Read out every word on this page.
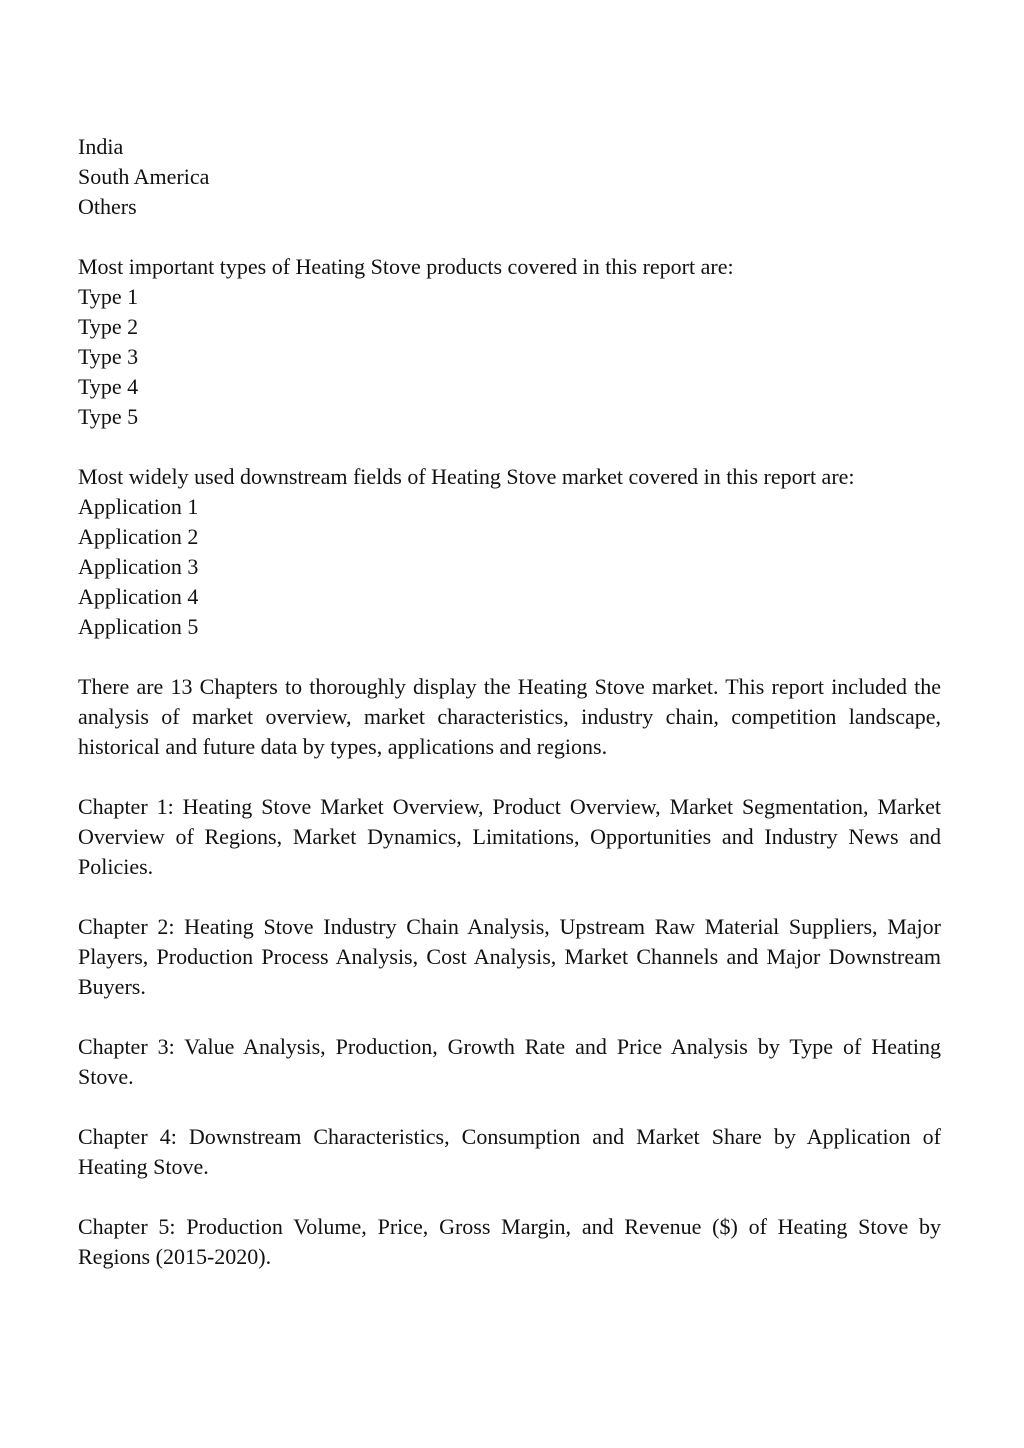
India
South America
Others
Most important types of Heating Stove products covered in this report are:
Type 1
Type 2
Type 3
Type 4
Type 5
Most widely used downstream fields of Heating Stove market covered in this report are:
Application 1
Application 2
Application 3
Application 4
Application 5

There are 13 Chapters to thoroughly display the Heating Stove market. This report included the analysis of market overview, market characteristics, industry chain, competition landscape, historical and future data by types, applications and regions.

Chapter 1: Heating Stove Market Overview, Product Overview, Market Segmentation, Market Overview of Regions, Market Dynamics, Limitations, Opportunities and Industry News and Policies.

Chapter 2: Heating Stove Industry Chain Analysis, Upstream Raw Material Suppliers, Major Players, Production Process Analysis, Cost Analysis, Market Channels and Major Downstream Buyers.

Chapter 3: Value Analysis, Production, Growth Rate and Price Analysis by Type of Heating Stove.

Chapter 4: Downstream Characteristics, Consumption and Market Share by Application of Heating Stove.

Chapter 5: Production Volume, Price, Gross Margin, and Revenue ($) of Heating Stove by Regions (2015-2020).
